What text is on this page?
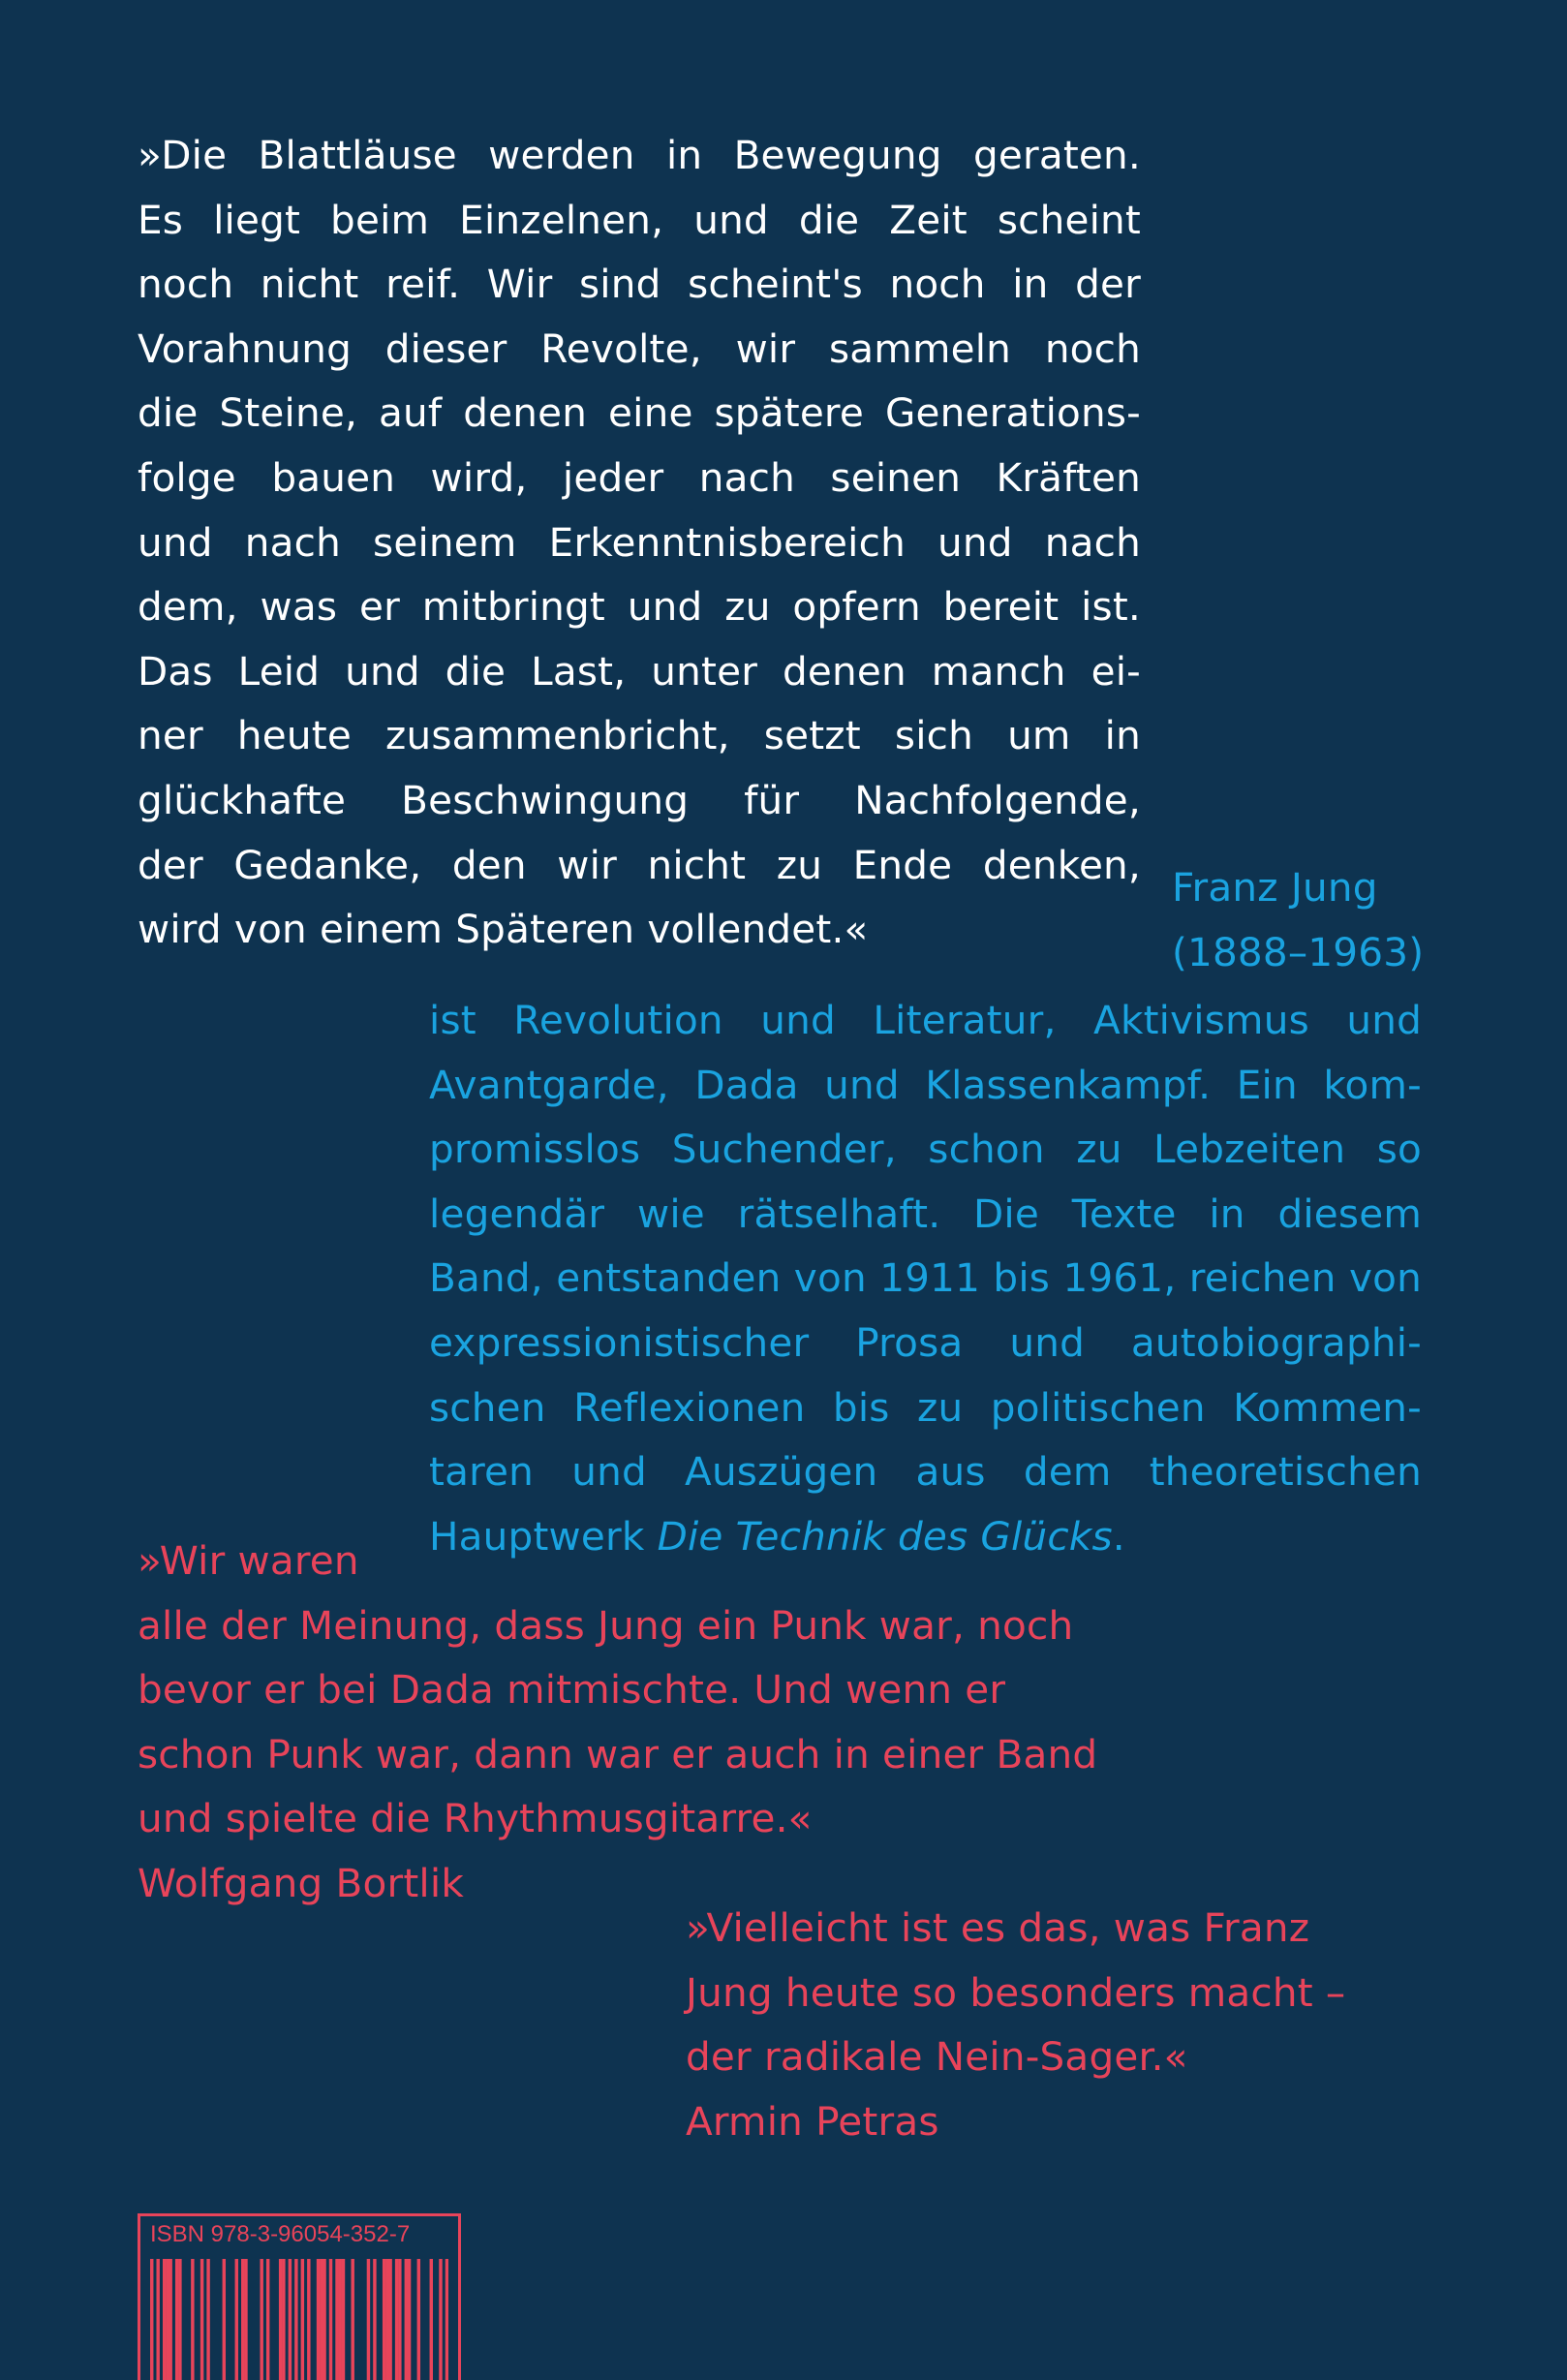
»Die Blattläuse werden in Bewegung geraten.
Es liegt beim Einzelnen, und die Zeit scheint
noch nicht reif. Wir sind scheint's noch in der
Vorahnung dieser Revolte, wir sammeln noch
die Steine, auf denen eine spätere Generations-
folge bauen wird, jeder nach seinen Kräften
und nach seinem Erkenntnisbereich und nach
dem, was er mitbringt und zu opfern bereit ist.
Das Leid und die Last, unter denen manch ei-
ner heute zusammenbricht, setzt sich um in
glückhafte Beschwingung für Nachfolgende,
der Gedanke, den wir nicht zu Ende denken,
wird von einem Späteren vollendet.«
Franz Jung
(1888–1963)
ist Revolution und Literatur, Aktivismus und
Avantgarde, Dada und Klassenkampf. Ein kom-
promisslos Suchender, schon zu Lebzeiten so
legendär wie rätselhaft. Die Texte in diesem
Band, entstanden von 1911 bis 1961, reichen von
expressionistischer Prosa und autobiographi-
schen Reflexionen bis zu politischen Kommen-
taren und Auszügen aus dem theoretischen
Hauptwerk Die Technik des Glücks.
»Wir waren
alle der Meinung, dass Jung ein Punk war, noch
bevor er bei Dada mitmischte. Und wenn er
schon Punk war, dann war er auch in einer Band
und spielte die Rhythmusgitarre.«
Wolfgang Bortlik
»Vielleicht ist es das, was Franz
Jung heute so besonders macht –
der radikale Nein-Sager.«
Armin Petras
ISBN 978-3-96054-352-7
